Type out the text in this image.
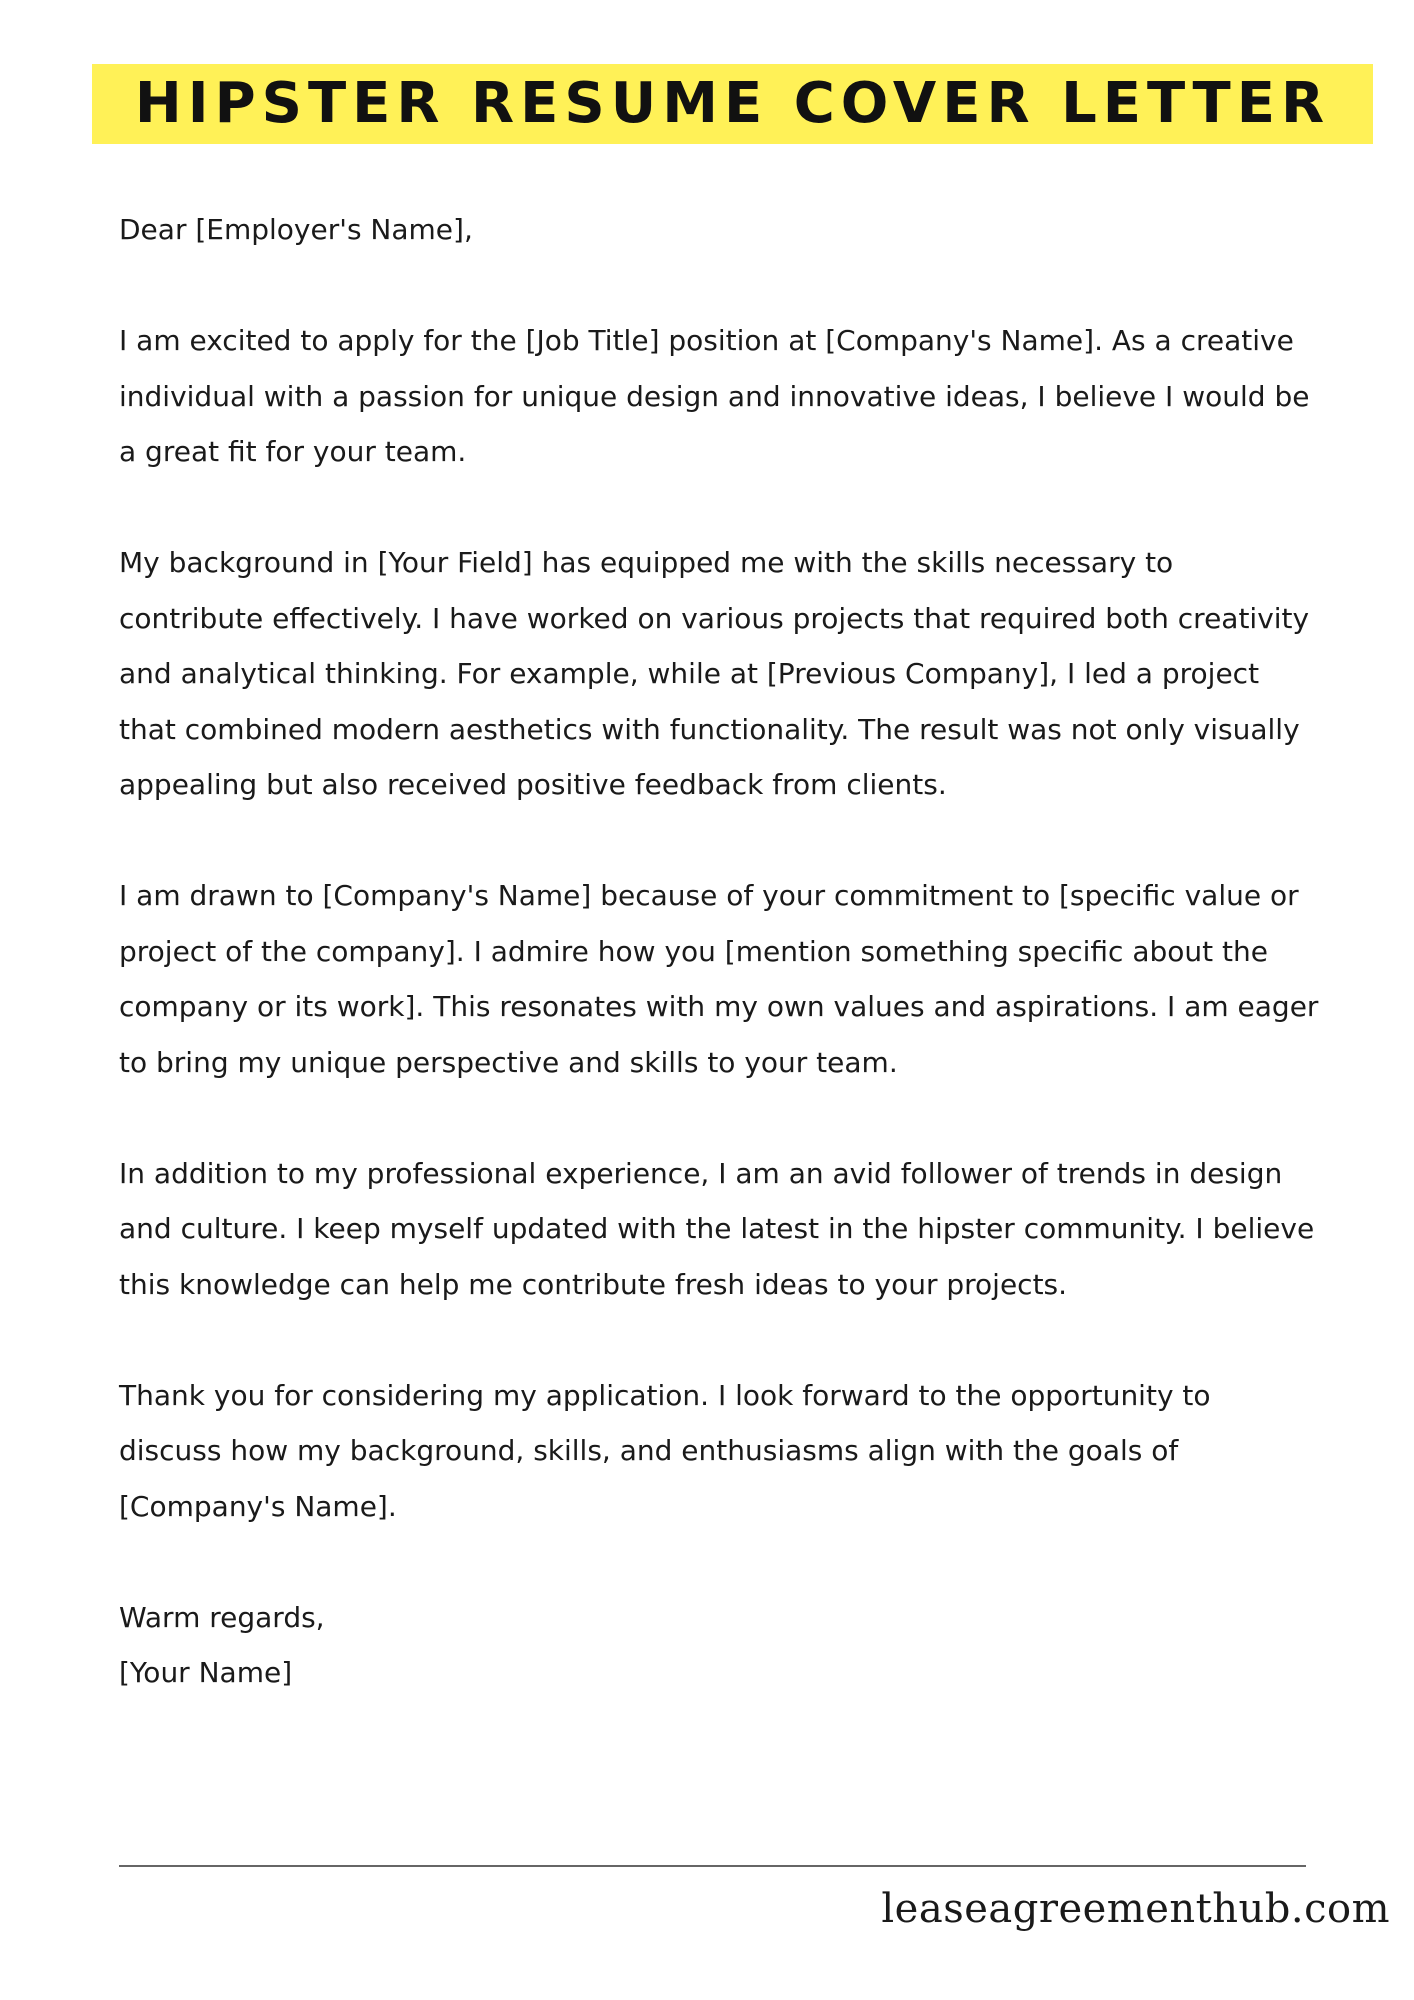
HIPSTER RESUME COVER LETTER

Dear [Employer's Name],

I am excited to apply for the [Job Title] position at [Company's Name]. As a creative individual with a passion for unique design and innovative ideas, I believe I would be a great fit for your team.

My background in [Your Field] has equipped me with the skills necessary to contribute effectively. I have worked on various projects that required both creativity and analytical thinking. For example, while at [Previous Company], I led a project that combined modern aesthetics with functionality. The result was not only visually appealing but also received positive feedback from clients.

I am drawn to [Company's Name] because of your commitment to [specific value or project of the company]. I admire how you [mention something specific about the company or its work]. This resonates with my own values and aspirations. I am eager to bring my unique perspective and skills to your team.

In addition to my professional experience, I am an avid follower of trends in design and culture. I keep myself updated with the latest in the hipster community. I believe this knowledge can help me contribute fresh ideas to your projects.

Thank you for considering my application. I look forward to the opportunity to discuss how my background, skills, and enthusiasms align with the goals of [Company's Name].

Warm regards,

[Your Name]

leaseagreementhub.com
